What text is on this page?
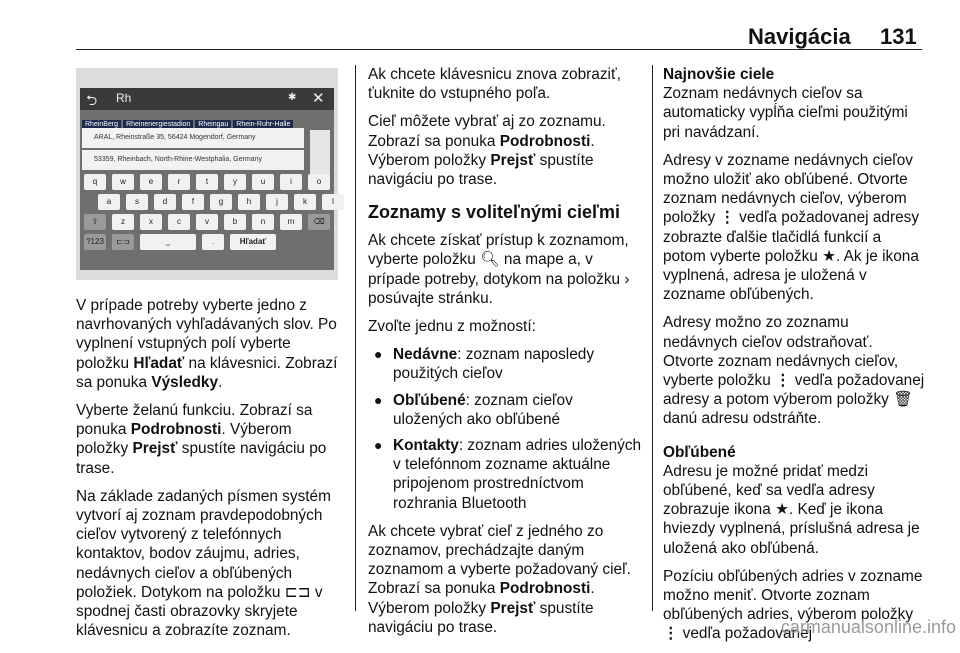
Navigácia 131
⮌ Rh	✱ ✕
RheinBerg Rheinenergiestadion Rheingau Rhein-Ruhr-Halle
ARAL, Rheinstraße 35, 56424 Mogendorf, Germany
53359, Rheinbach, North-Rhine-Westphalia, Germany
q	w	e	r	t	y	u	i	o
a	s	d	f	g	h	j	k	l
⇧	z	x	c	v	b	n	m	⌫
?123	⊏⊐	⎵	.	Hľadať

V prípade potreby vyberte jedno z navrhovaných vyhľadávaných slov. Po vyplnení vstupných polí vyberte položku Hľadať na klávesnici. Zobrazí sa ponuka Výsledky.

Vyberte želanú funkciu. Zobrazí sa ponuka Podrobnosti. Výberom položky Prejsť spustíte navigáciu po trase.

Na základe zadaných písmen systém vytvorí aj zoznam pravdepodobných cieľov vytvorený z telefónnych kontaktov, bodov záujmu, adries, nedávnych cieľov a obľúbených položiek. Dotykom na položku ⊏⊐ v spodnej časti obrazovky skryjete klávesnicu a zobrazíte zoznam.

Ak chcete klávesnicu znova zobraziť, ťuknite do vstupného poľa.

Cieľ môžete vybrať aj zo zoznamu. Zobrazí sa ponuka Podrobnosti. Výberom položky Prejsť spustíte navigáciu po trase.

Zoznamy s voliteľnými cieľmi

Ak chcete získať prístup k zoznamom, vyberte položku 🔍︎ na mape a, v prípade potreby, dotykom na položku › posúvajte stránku.

Zvoľte jednu z možností:

● Nedávne: zoznam naposledy použitých cieľov
● Obľúbené: zoznam cieľov uložených ako obľúbené
● Kontakty: zoznam adries uložených v telefónnom zozname aktuálne pripojenom prostredníctvom rozhrania Bluetooth

Ak chcete vybrať cieľ z jedného zo zoznamov, prechádzajte daným zoznamom a vyberte požadovaný cieľ. Zobrazí sa ponuka Podrobnosti. Výberom položky Prejsť spustíte navigáciu po trase.

Najnovšie ciele
Zoznam nedávnych cieľov sa automaticky vypĺňa cieľmi použitými pri navádzaní.

Adresy v zozname nedávnych cieľov možno uložiť ako obľúbené. Otvorte zoznam nedávnych cieľov, výberom položky ⋮ vedľa požadovanej adresy zobrazte ďalšie tlačidlá funkcií a potom vyberte položku ★. Ak je ikona vyplnená, adresa je uložená v zozname obľúbených.

Adresy možno zo zoznamu nedávnych cieľov odstraňovať. Otvorte zoznam nedávnych cieľov, vyberte položku ⋮ vedľa požadovanej adresy a potom výberom položky 🗑︎ danú adresu odstráňte.

Obľúbené
Adresu je možné pridať medzi obľúbené, keď sa vedľa adresy zobrazuje ikona ★. Keď je ikona hviezdy vyplnená, príslušná adresa je uložená ako obľúbená.

Pozíciu obľúbených adries v zozname možno meniť. Otvorte zoznam obľúbených adries, výberom položky ⋮ vedľa požadovanej

carmanualsonline.info
